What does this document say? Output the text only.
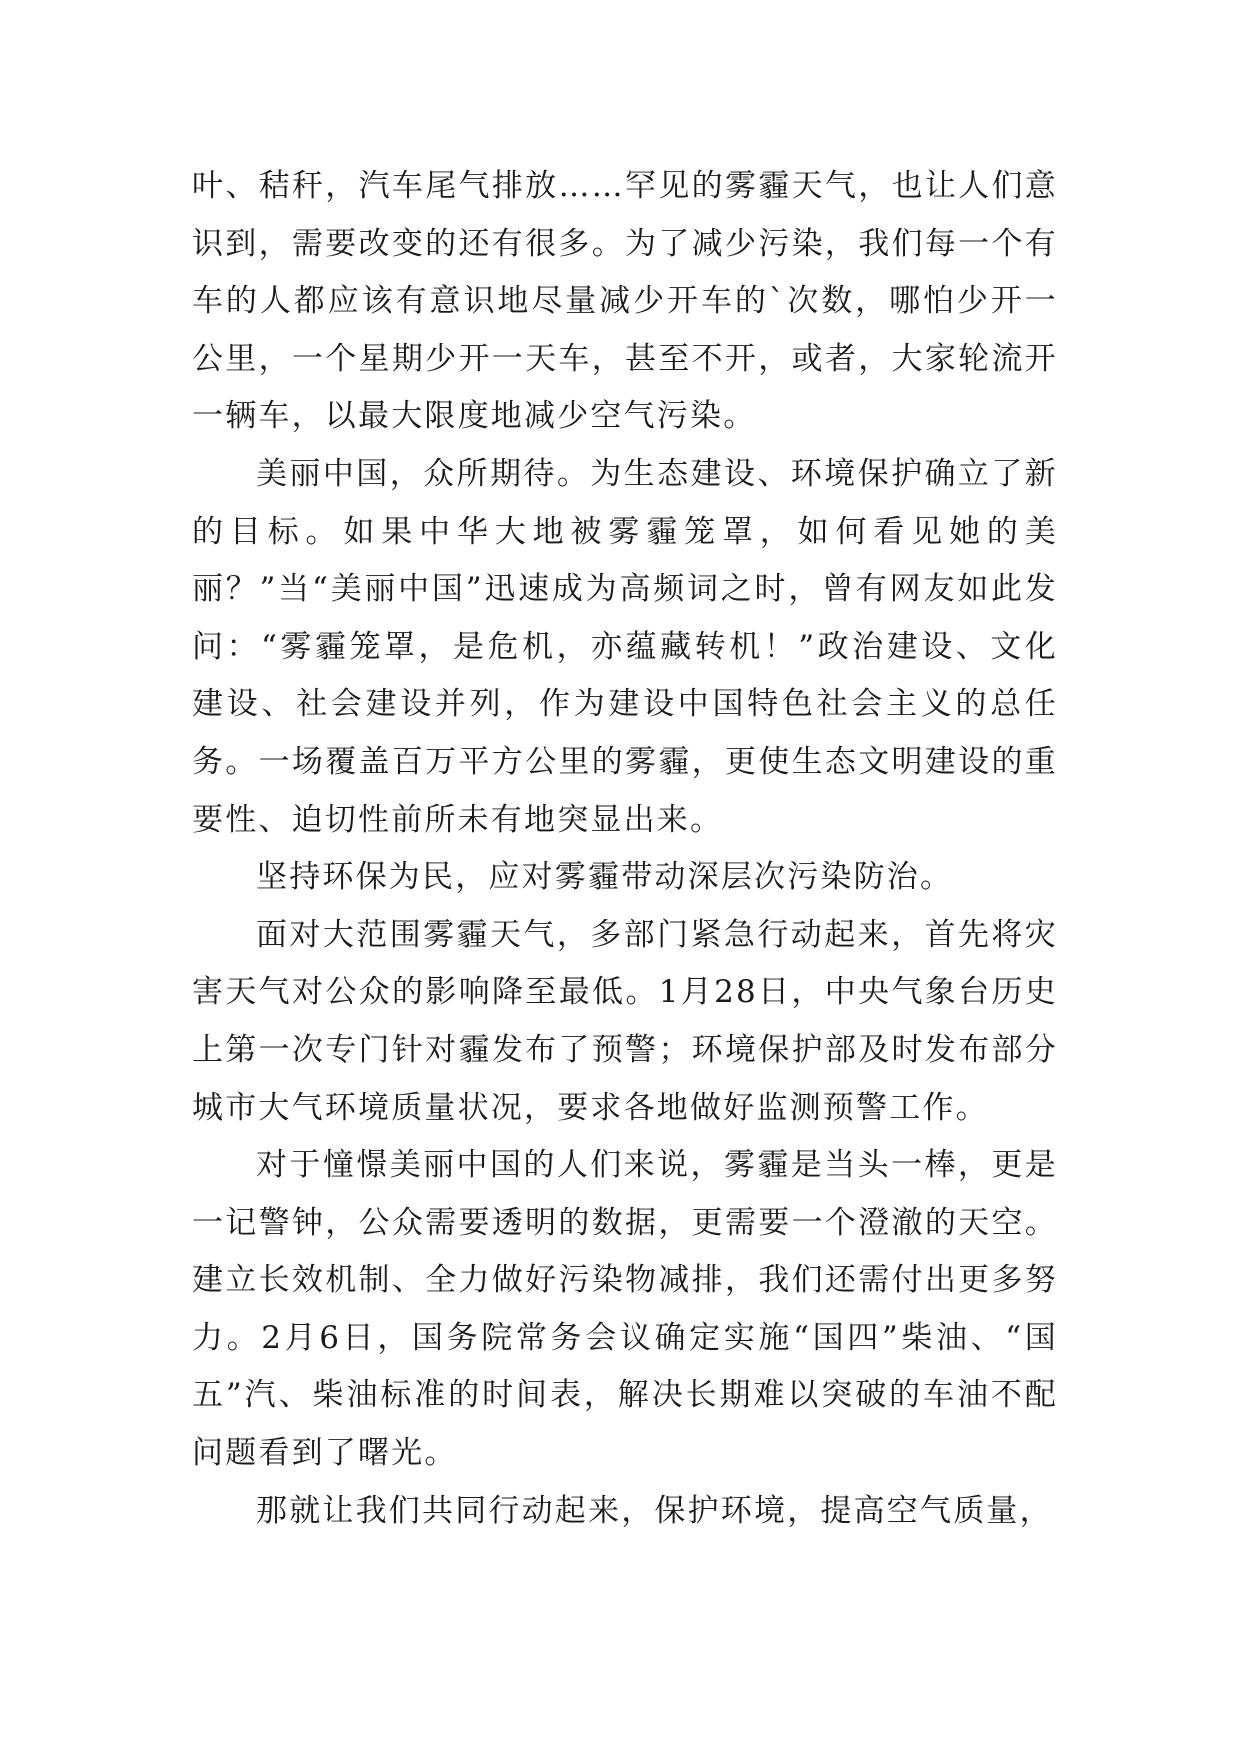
叶、秸秆，汽车尾气排放……罕见的雾霾天气，也让人们意识到，需要改变的还有很多。为了减少污染，我们每一个有车的人都应该有意识地尽量减少开车的`次数，哪怕少开一公里，一个星期少开一天车，甚至不开，或者，大家轮流开一辆车，以最大限度地减少空气污染。

美丽中国，众所期待。为生态建设、环境保护确立了新的目标。如果中华大地被雾霾笼罩，如何看见她的美丽？”当“美丽中国”迅速成为高频词之时，曾有网友如此发问：“雾霾笼罩，是危机，亦蕴藏转机！”政治建设、文化建设、社会建设并列，作为建设中国特色社会主义的总任务。一场覆盖百万平方公里的雾霾，更使生态文明建设的重要性、迫切性前所未有地突显出来。

坚持环保为民，应对雾霾带动深层次污染防治。

面对大范围雾霾天气，多部门紧急行动起来，首先将灾害天气对公众的影响降至最低。1月28日，中央气象台历史上第一次专门针对霾发布了预警；环境保护部及时发布部分城市大气环境质量状况，要求各地做好监测预警工作。

对于憧憬美丽中国的人们来说，雾霾是当头一棒，更是一记警钟，公众需要透明的数据，更需要一个澄澈的天空。建立长效机制、全力做好污染物减排，我们还需付出更多努力。2月6日，国务院常务会议确定实施“国四”柴油、“国五”汽、柴油标准的时间表，解决长期难以突破的车油不配问题看到了曙光。

那就让我们共同行动起来，保护环境，提高空气质量，
